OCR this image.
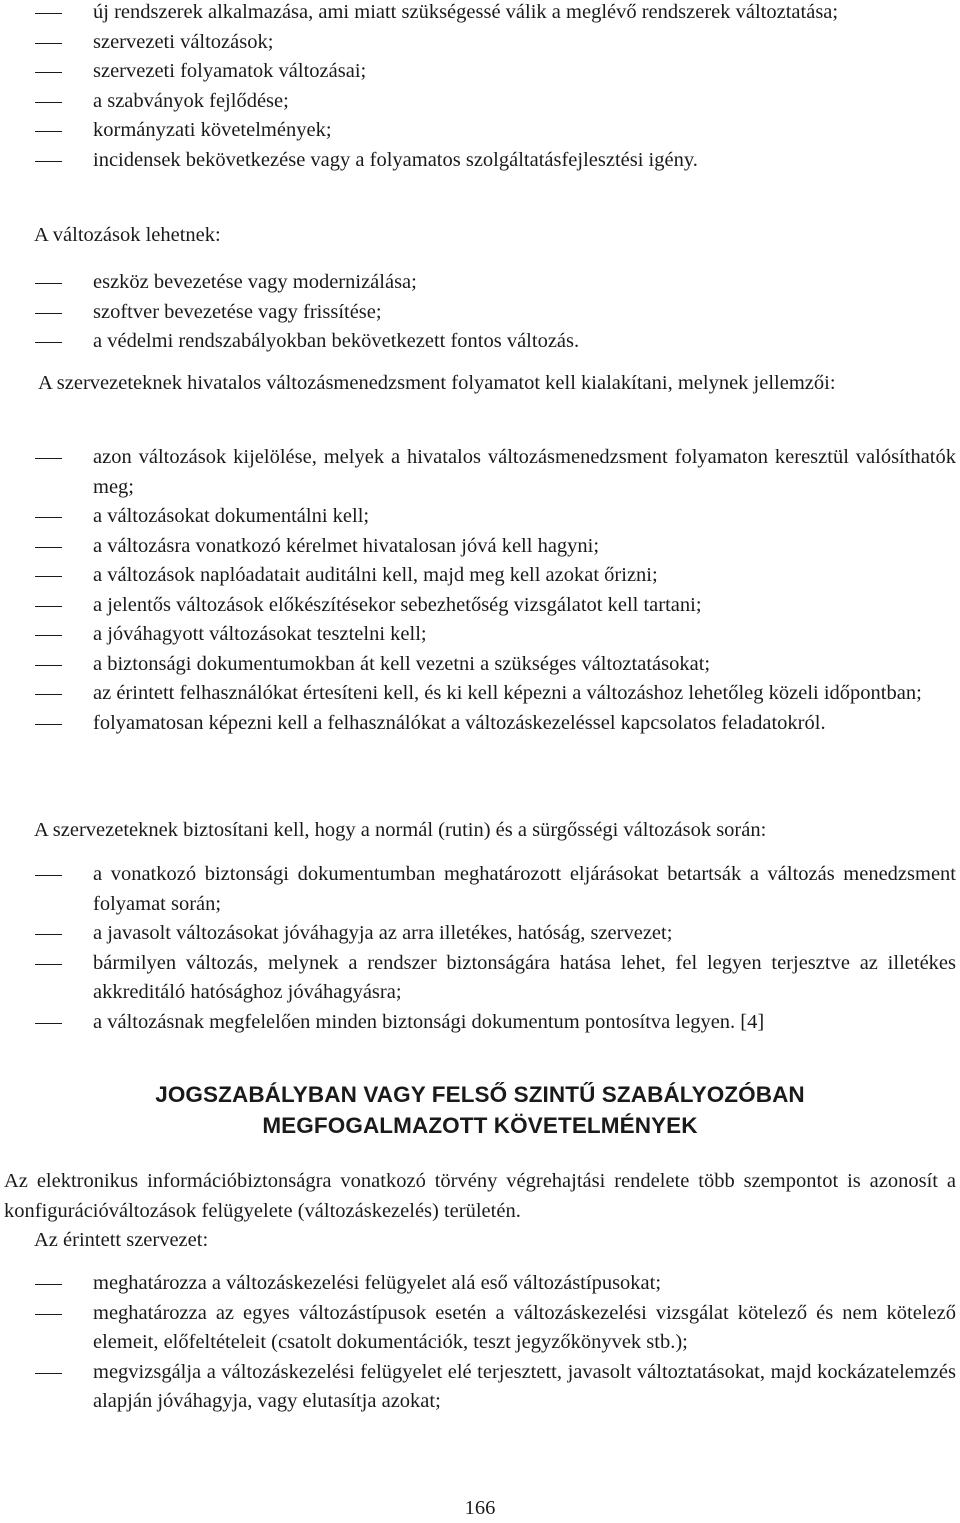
új rendszerek alkalmazása, ami miatt szükségessé válik a meglévő rendszerek változtatása;
szervezeti változások;
szervezeti folyamatok változásai;
a szabványok fejlődése;
kormányzati követelmények;
incidensek bekövetkezése vagy a folyamatos szolgáltatásfejlesztési igény.

A változások lehetnek:

eszköz bevezetése vagy modernizálása;
szoftver bevezetése vagy frissítése;
a védelmi rendszabályokban bekövetkezett fontos változás.

A szervezeteknek hivatalos változásmenedzsment folyamatot kell kialakítani, melynek jellemzői:

azon változások kijelölése, melyek a hivatalos változásmenedzsment folyamaton keresztül valósíthatók meg;
a változásokat dokumentálni kell;
a változásra vonatkozó kérelmet hivatalosan jóvá kell hagyni;
a változások naplóadatait auditálni kell, majd meg kell azokat őrizni;
a jelentős változások előkészítésekor sebezhetőség vizsgálatot kell tartani;
a jóváhagyott változásokat tesztelni kell;
a biztonsági dokumentumokban át kell vezetni a szükséges változtatásokat;
az érintett felhasználókat értesíteni kell, és ki kell képezni a változáshoz lehetőleg közeli időpontban;
folyamatosan képezni kell a felhasználókat a változáskezeléssel kapcsolatos feladatokról.

A szervezeteknek biztosítani kell, hogy a normál (rutin) és a sürgősségi változások során:

a vonatkozó biztonsági dokumentumban meghatározott eljárásokat betartsák a változás menedzsment folyamat során;
a javasolt változásokat jóváhagyja az arra illetékes, hatóság, szervezet;
bármilyen változás, melynek a rendszer biztonságára hatása lehet, fel legyen terjesztve az illetékes akkreditáló hatósághoz jóváhagyásra;
a változásnak megfelelően minden biztonsági dokumentum pontosítva legyen. [4]

JOGSZABÁLYBAN VAGY FELSŐ SZINTŰ SZABÁLYOZÓBAN

MEGFOGALMAZOTT KÖVETELMÉNYEK

Az elektronikus információbiztonságra vonatkozó törvény végrehajtási rendelete több szempontot is azonosít a konfigurációváltozások felügyelete (változáskezelés) területén.

Az érintett szervezet:

meghatározza a változáskezelési felügyelet alá eső változástípusokat;
meghatározza az egyes változástípusok esetén a változáskezelési vizsgálat kötelező és nem kötelező elemeit, előfeltételeit (csatolt dokumentációk, teszt jegyzőkönyvek stb.);
megvizsgálja a változáskezelési felügyelet elé terjesztett, javasolt változtatásokat, majd kockázatelemzés alapján jóváhagyja, vagy elutasítja azokat;
166
